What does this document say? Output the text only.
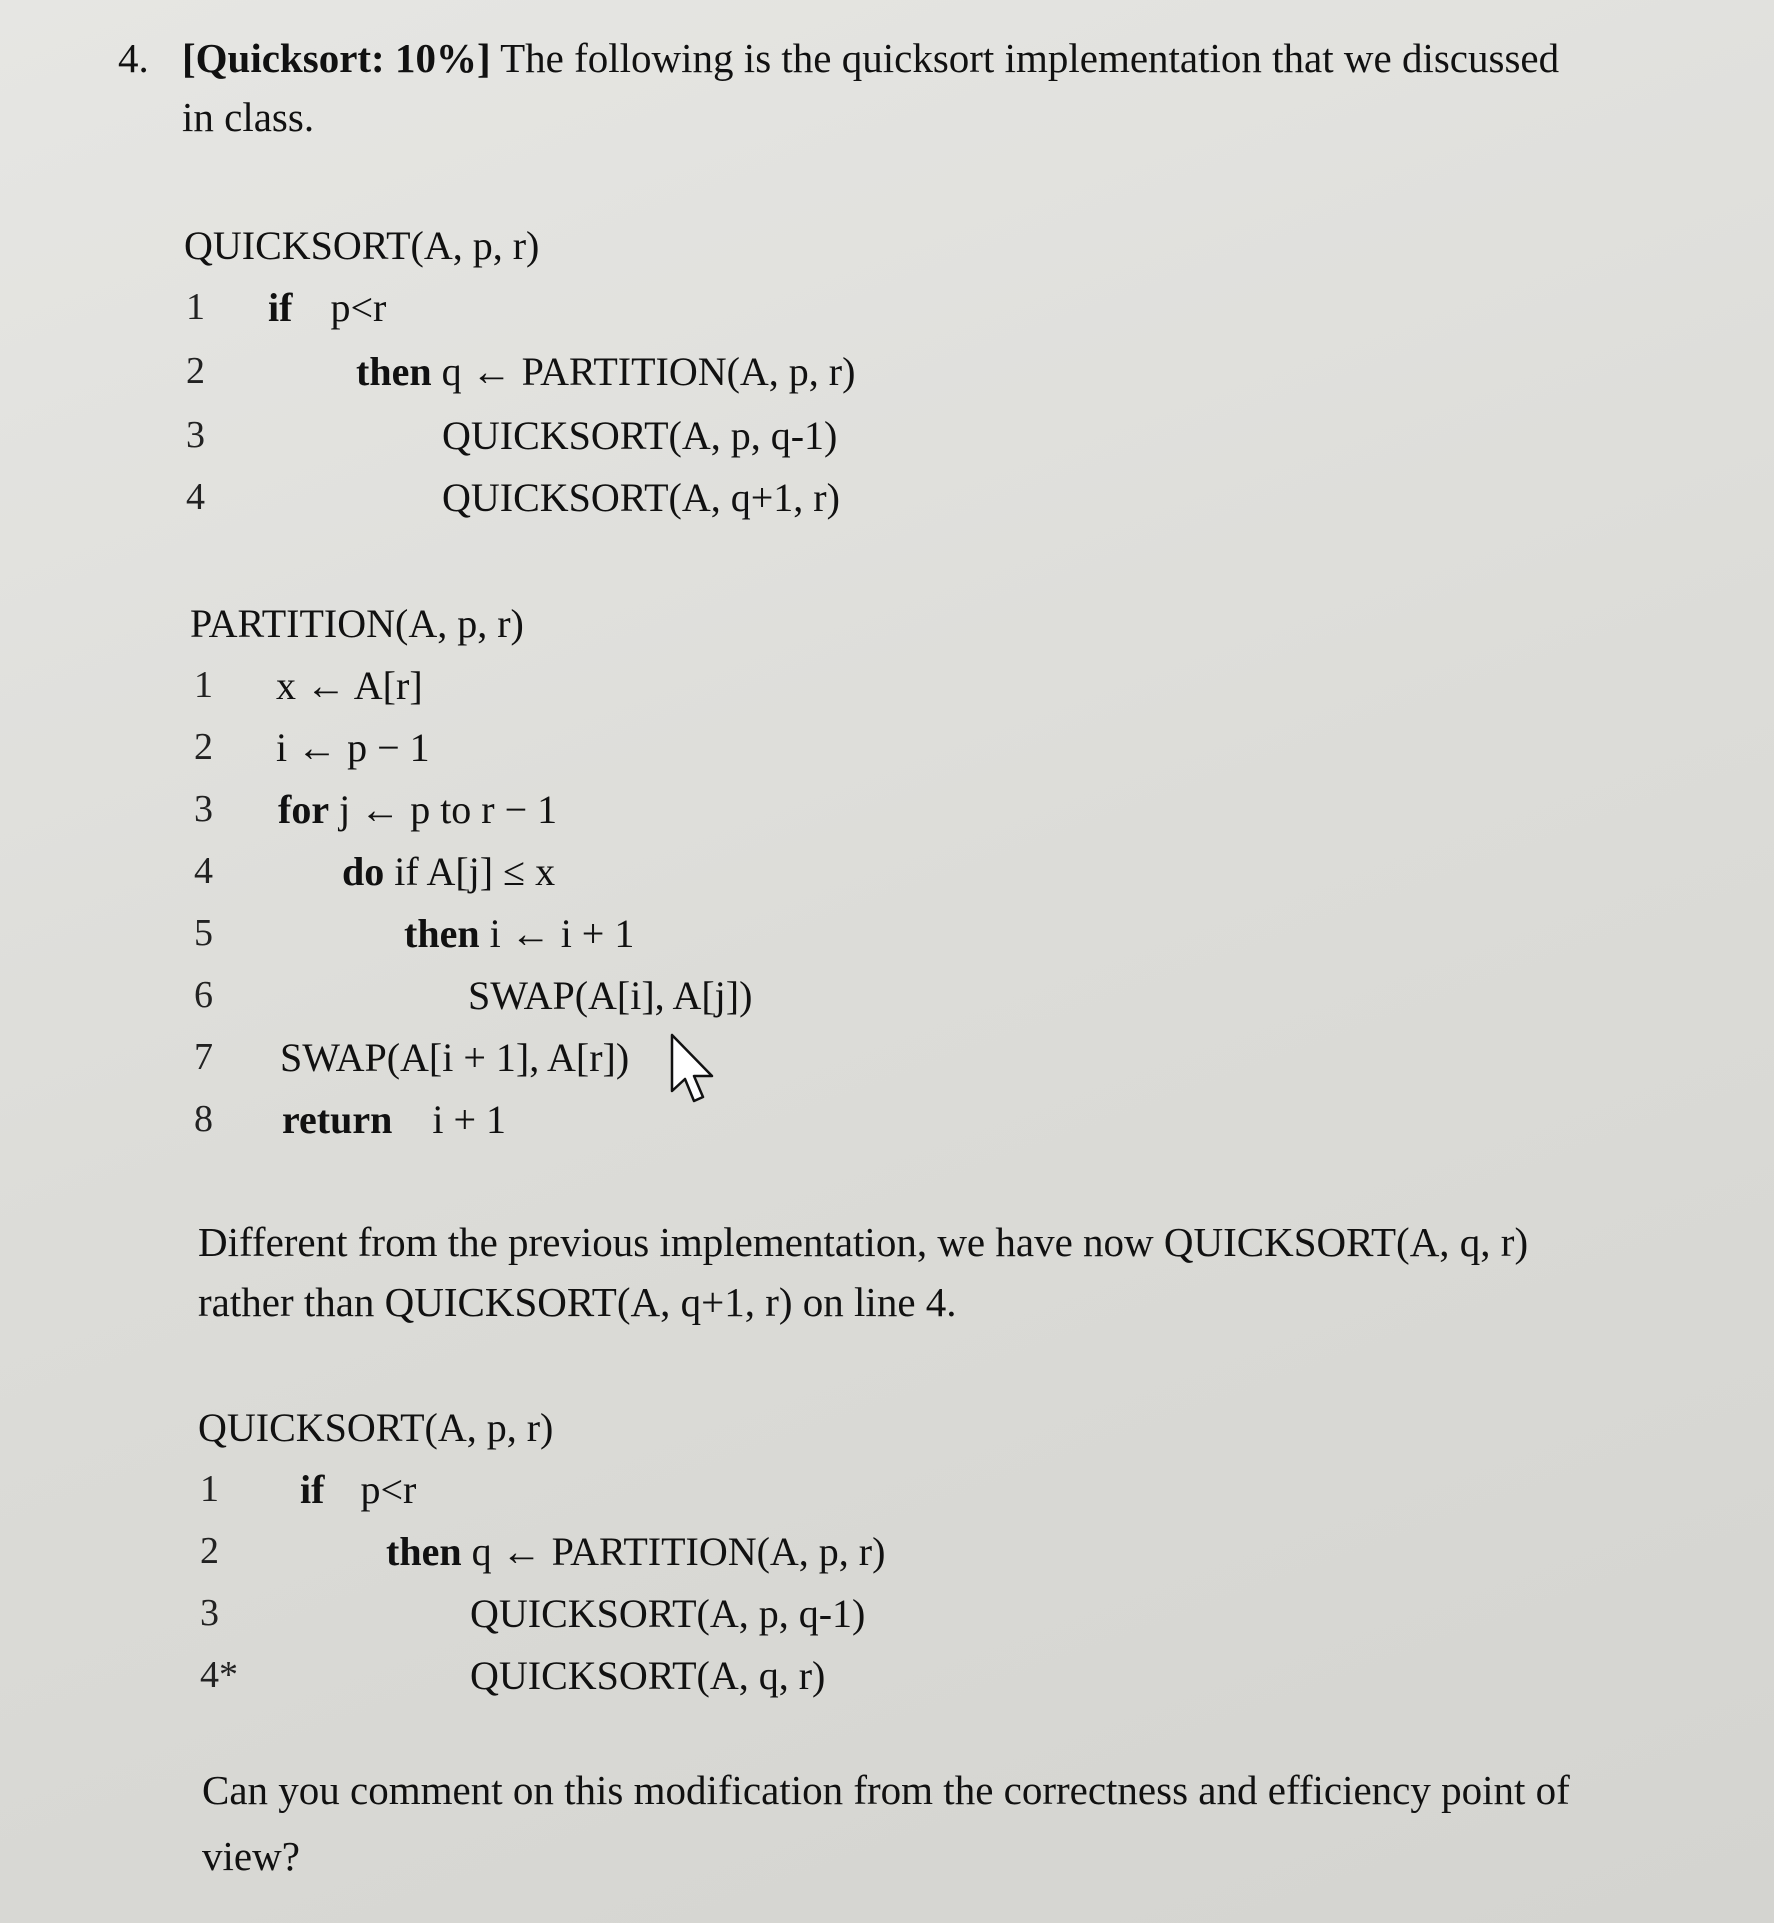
4. [Quicksort: 10%] The following is the quicksort implementation that we discussed
in class.
QUICKSORT(A, p, r)
1 if p<r
2	then q ← PARTITION(A, p, r)
3	QUICKSORT(A, p, q-1)
4	QUICKSORT(A, q+1, r)
PARTITION(A, p, r)
1 x ← A[r]
2 i ← p − 1
3 for j ← p to r − 1
4	do if A[j] ≤ x
5	then i ← i + 1
6	SWAP(A[i], A[j])
7 SWAP(A[i + 1], A[r])
8 return i + 1
Different from the previous implementation, we have now QUICKSORT(A, q, r)
rather than QUICKSORT(A, q+1, r) on line 4.
QUICKSORT(A, p, r)
1 if p<r
2	then q ← PARTITION(A, p, r)
3	QUICKSORT(A, p, q-1)
4*	QUICKSORT(A, q, r)
Can you comment on this modification from the correctness and efficiency point of
view?
